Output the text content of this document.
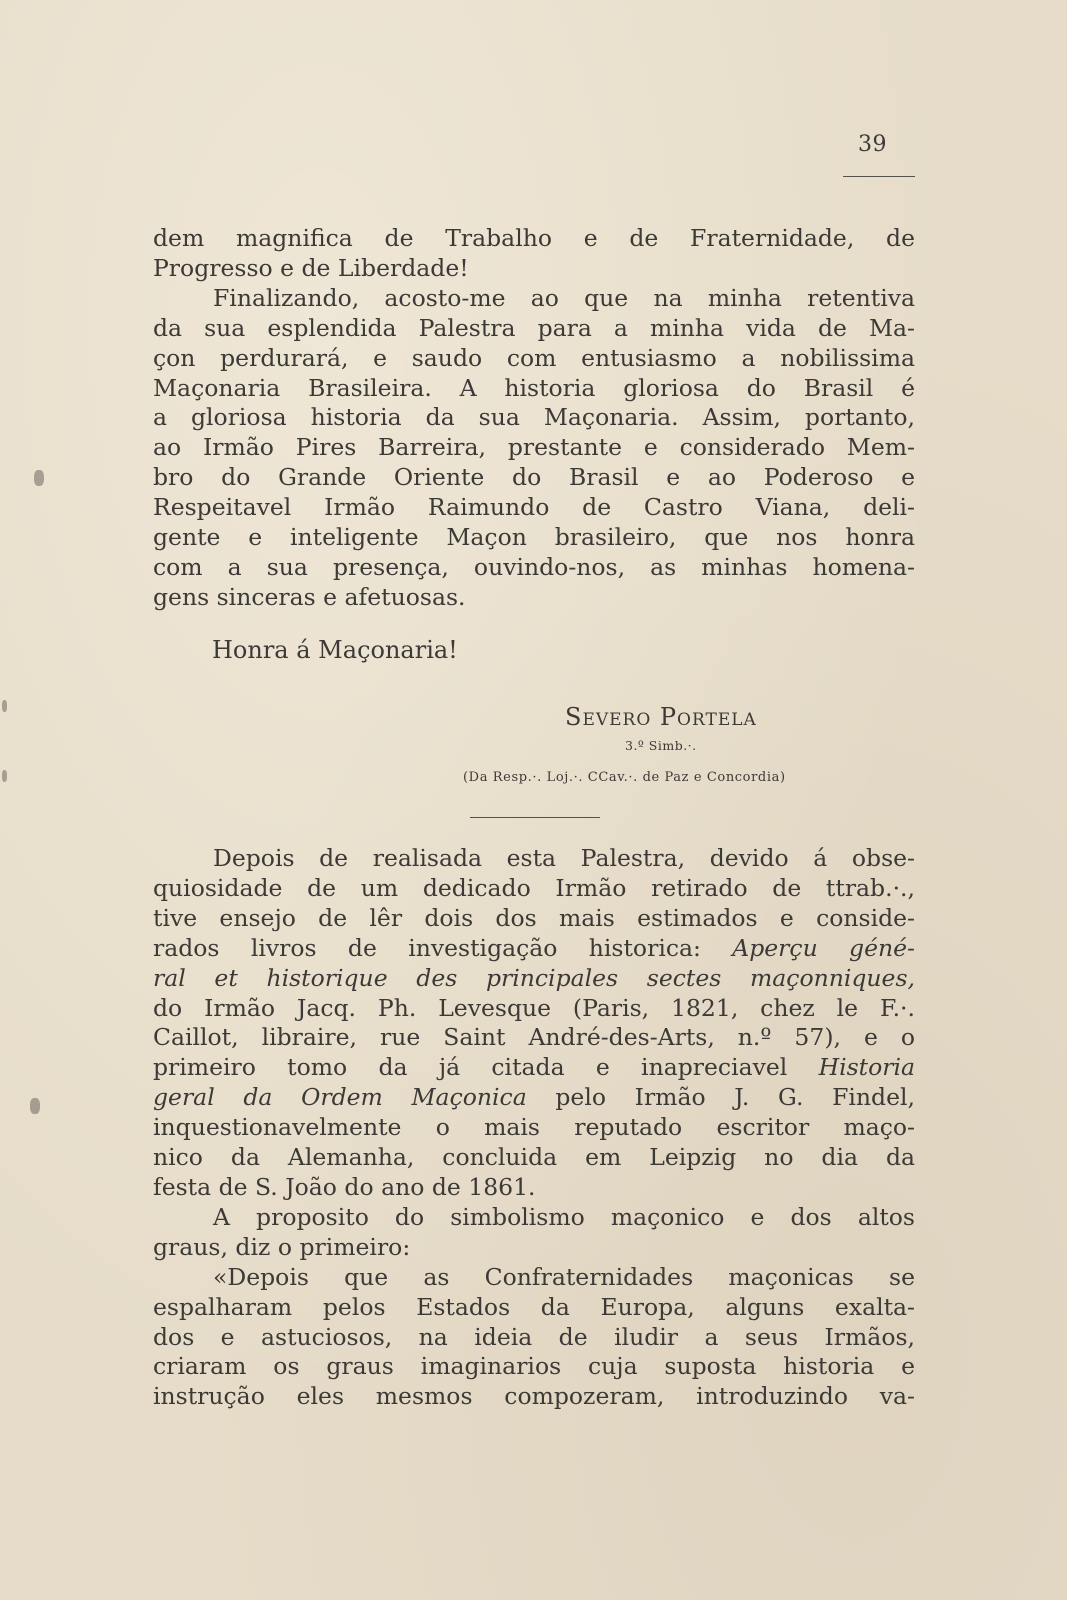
39
dem magnifica de Trabalho e de Fraternidade, de
Progresso e de Liberdade!
Finalizando, acosto-me ao que na minha retentiva
da sua esplendida Palestra para a minha vida de Ma-
çon perdurará, e saudo com entusiasmo a nobilissima
Maçonaria Brasileira. A historia gloriosa do Brasil é
a gloriosa historia da sua Maçonaria. Assim, portanto,
ao Irmão Pires Barreira, prestante e considerado Mem-
bro do Grande Oriente do Brasil e ao Poderoso e
Respeitavel Irmão Raimundo de Castro Viana, deli-
gente e inteligente Maçon brasileiro, que nos honra
com a sua presença, ouvindo-nos, as minhas homena-
gens sinceras e afetuosas.
Honra á Maçonaria!
Severo Portela
3.º Simb.·.
(Da Resp.·. Loj.·. CCav.·. de Paz e Concordia)
Depois de realisada esta Palestra, devido á obse-
quiosidade de um dedicado Irmão retirado de ttrab.·.,
tive ensejo de lêr dois dos mais estimados e conside-
rados livros de investigação historica: Aperçu géné-
ral et historique des principales sectes maçonniques,
do Irmão Jacq. Ph. Levesque (Paris, 1821, chez le F.·.
Caillot, libraire, rue Saint André-des-Arts, n.º 57), e o
primeiro tomo da já citada e inapreciavel Historia
geral da Ordem Maçonica pelo Irmão J. G. Findel,
inquestionavelmente o mais reputado escritor maço-
nico da Alemanha, concluida em Leipzig no dia da
festa de S. João do ano de 1861.
A proposito do simbolismo maçonico e dos altos
graus, diz o primeiro:
«Depois que as Confraternidades maçonicas se
espalharam pelos Estados da Europa, alguns exalta-
dos e astuciosos, na ideia de iludir a seus Irmãos,
criaram os graus imaginarios cuja suposta historia e
instrução eles mesmos compozeram, introduzindo va-
